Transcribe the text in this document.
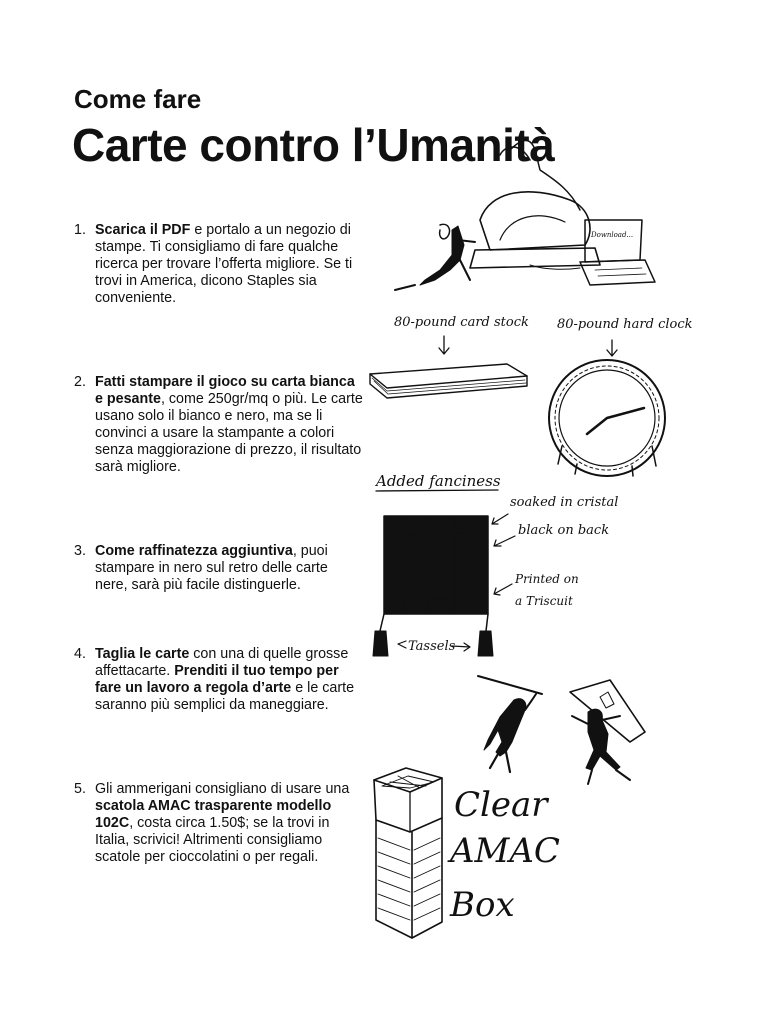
Come fare
Carte contro l’Umanità
1. Scarica il PDF e portalo a un negozio di stampe. Ti consigliamo di fare qualche ricerca per trovare l’offerta migliore. Se ti trovi in America, dicono Staples sia conveniente.
2. Fatti stampare il gioco su carta bianca e pesante, come 250gr/mq o più. Le carte usano solo il bianco e nero, ma se li convinci a usare la stampante a colori senza maggiorazione di prezzo, il risultato sarà migliore.
3. Come raffinatezza aggiuntiva, puoi stampare in nero sul retro delle carte nere, sarà più facile distinguerle.
4. Taglia le carte con una di quelle grosse affettacarte. Prenditi il tuo tempo per fare un lavoro a regola d’arte e le carte saranno più semplici da maneggiare.
5. Gli ammerigani consigliano di usare una scatola AMAC trasparente modello 102C, costa circa 1.50$; se la trovi in Italia, scrivici! Altrimenti consigliamo scatole per cioccolatini o per regali.
Download...
80-pound card stock 80-pound hard clock
Added fanciness
soaked in cristal
black on back
Printed on
a Triscuit
Tassels
Clear
AMAC
Box
